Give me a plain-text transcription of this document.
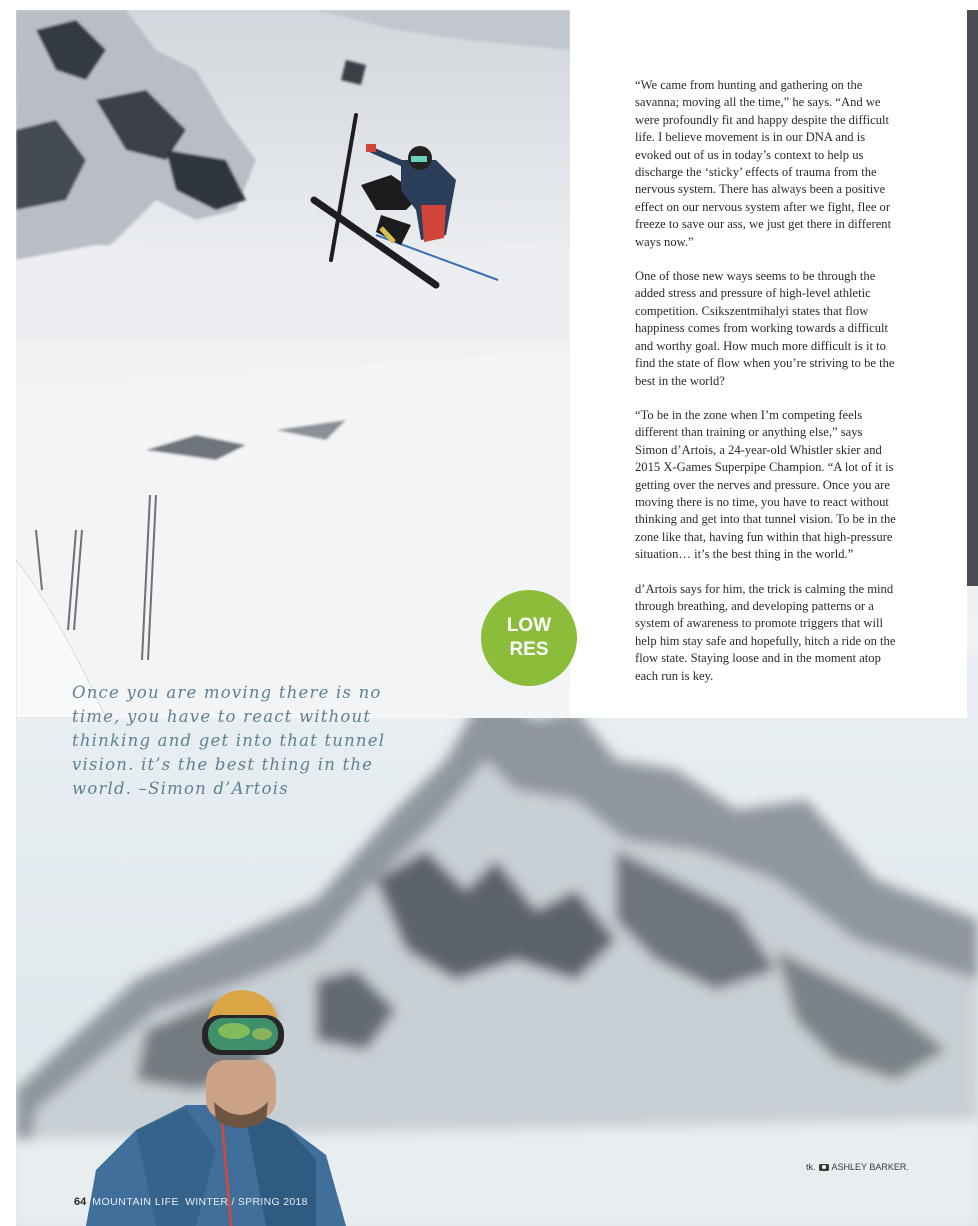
“We came from hunting and gathering on the savanna; moving all the time,” he says. “And we were profoundly fit and happy despite the difficult life. I believe movement is in our DNA and is evoked out of us in today’s context to help us discharge the ‘sticky’ effects of trauma from the nervous system. There has always been a positive effect on our nervous system after we fight, flee or freeze to save our ass, we just get there in different ways now.”

One of those new ways seems to be through the added stress and pressure of high-level athletic competition. Csikszentmihalyi states that flow happiness comes from working towards a difficult and worthy goal. How much more difficult is it to find the state of flow when you’re striving to be the best in the world?

“To be in the zone when I’m competing feels different than training or anything else,” says Simon d’Artois, a 24-year-old Whistler skier and 2015 X-Games Superpipe Champion. “A lot of it is getting over the nerves and pressure. Once you are moving there is no time, you have to react without thinking and get into that tunnel vision. To be in the zone like that, having fun within that high-pressure situation… it’s the best thing in the world.”

d’Artois says for him, the trick is calming the mind through breathing, and developing patterns or a system of awareness to promote triggers that will help him stay safe and hopefully, hitch a ride on the flow state. Staying loose and in the moment atop each run is key.

LOW
RES
Once you are moving there is no time, you have to react without thinking and get into that tunnel vision. it’s the best thing in the world. –Simon d’Artois
tk. ASHLEY BARKER.
64 MOUNTAIN LIFE WINTER / SPRING 2018
